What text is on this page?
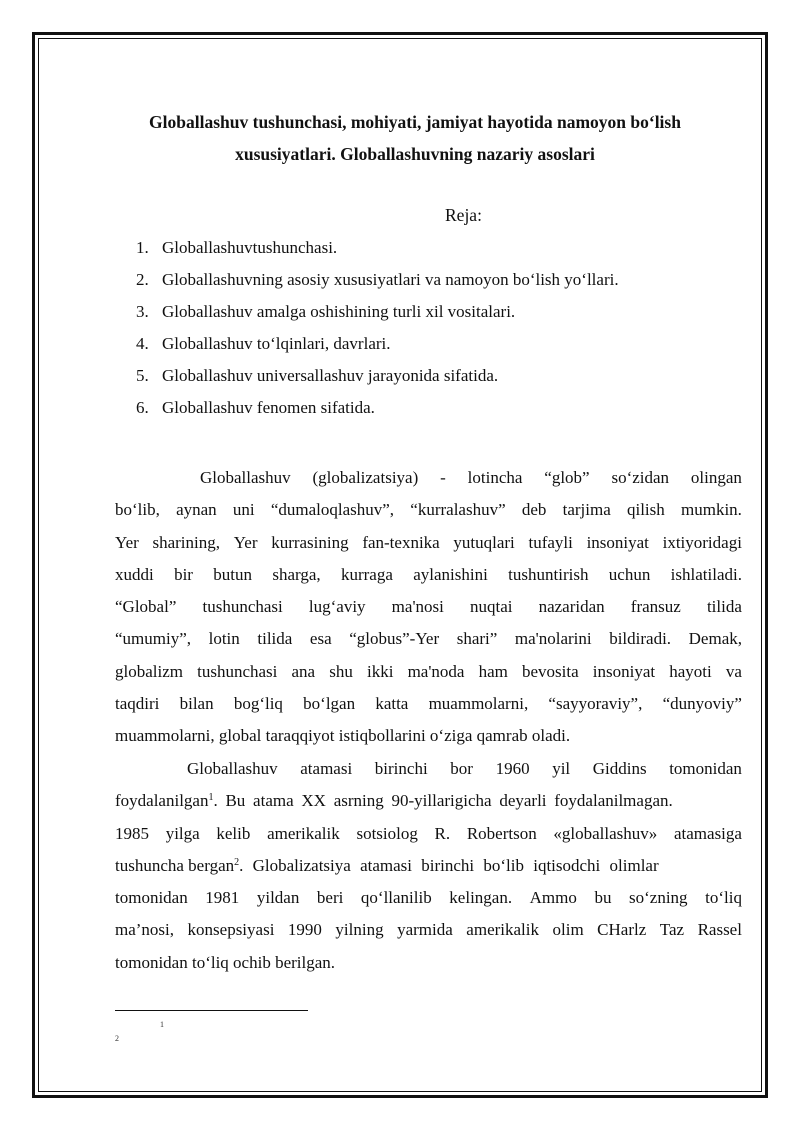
Globallashuv tushunchasi, mohiyati, jamiyat hayotida namoyon bo‘lish
xususiyatlari. Globallashuvning nazariy asoslari
Reja:
1. Globallashuvtushunchasi.
2. Globallashuvning asosiy xususiyatlari va namoyon bo‘lish yo‘llari.
3. Globallashuv amalga oshishining turli xil vositalari.
4. Globallashuv to‘lqinlari, davrlari.
5. Globallashuv universallashuv jarayonida sifatida.
6. Globallashuv fenomen sifatida.
Globallashuv (globalizatsiya) - lotincha “glob” so‘zidan olingan
bo‘lib, aynan uni “dumaloqlashuv”, “kurralashuv” deb tarjima qilish mumkin.
Yer sharining, Yer kurrasining fan-texnika yutuqlari tufayli insoniyat ixtiyoridagi
xuddi bir butun sharga, kurraga aylanishini tushuntirish uchun ishlatiladi.
“Global” tushunchasi lug‘aviy ma'nosi nuqtai nazaridan fransuz tilida
“umumiy”, lotin tilida esa “globus”-Yer shari” ma'nolarini bildiradi. Demak,
globalizm tushunchasi ana shu ikki ma'noda ham bevosita insoniyat hayoti va
taqdiri bilan bog‘liq bo‘lgan katta muammolarni, “sayyoraviy”, “dunyoviy”
muammolarni, global taraqqiyot istiqbollarini o‘ziga qamrab oladi.
Globallashuv atamasi birinchi bor 1960 yil Giddins tomonidan
foydalanilgan$^1$. Bu atama XX asrning 90-yillarigicha deyarli foydalanilmagan.
1985 yilga kelib amerikalik sotsiolog R. Robertson «globallashuv» atamasiga
tushuncha bergan$^2$. Globalizatsiya atamasi birinchi bo‘lib iqtisodchi olimlar
tomonidan 1981 yildan beri qo‘llanilib kelingan. Ammo bu so‘zning to‘liq
ma’nosi, konsepsiyasi 1990 yilning yarmida amerikalik olim CHarlz Taz Rassel
tomonidan to‘liq ochib berilgan.
1
2
